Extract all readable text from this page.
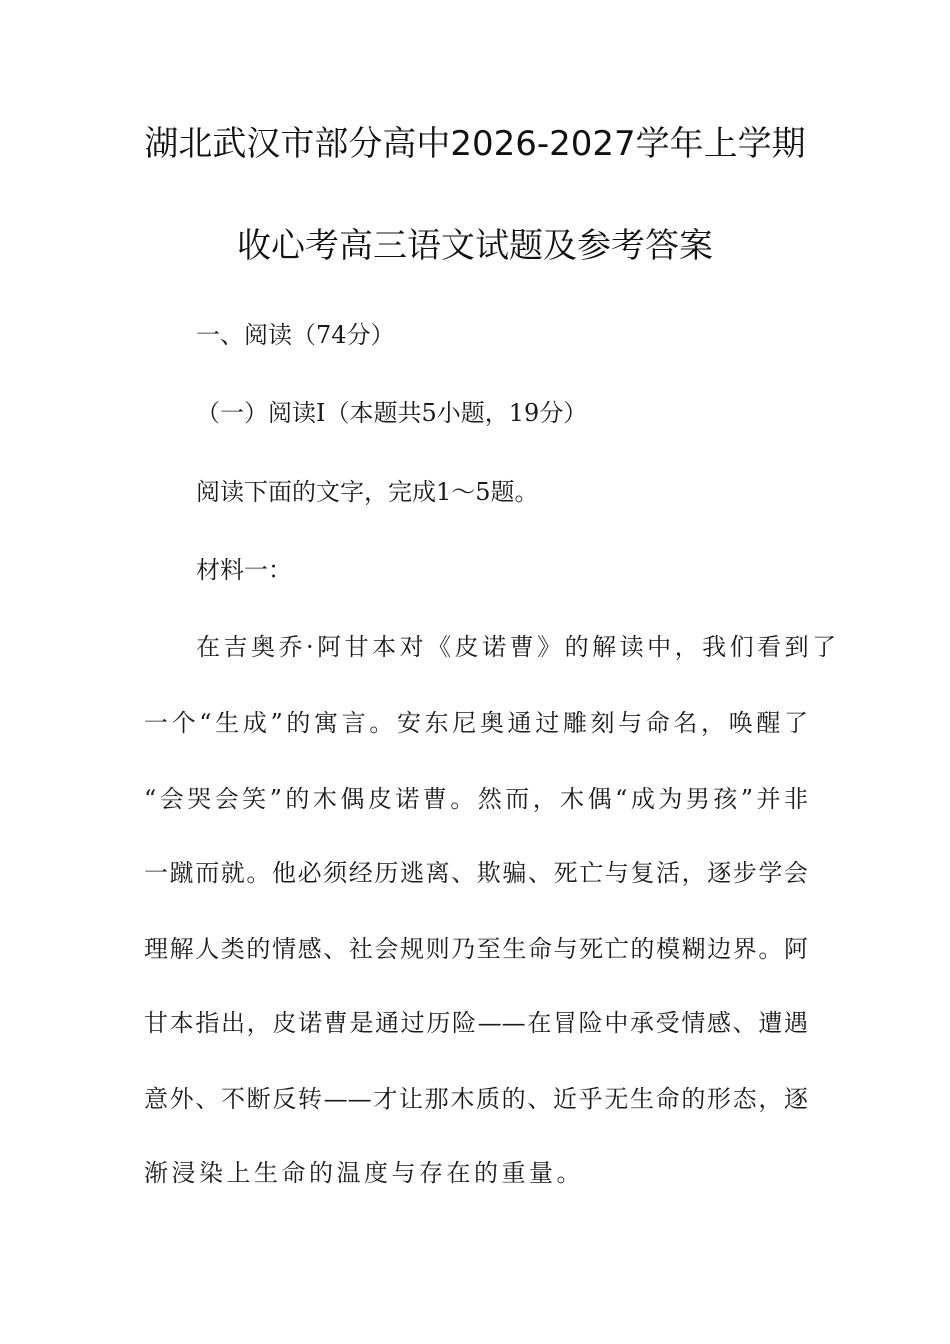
湖北武汉市部分高中2026-2027学年上学期
收心考高三语文试题及参考答案
一、阅读（74分）
（一）阅读Ⅰ（本题共5小题，19分）
阅读下面的文字，完成1～5题。
材料一：
在吉奥乔·阿甘本对《皮诺曹》的解读中，我们看到了
一个“生成”的寓言。安东尼奥通过雕刻与命名，唤醒了
“会哭会笑”的木偶皮诺曹。然而，木偶“成为男孩”并非
一蹴而就。他必须经历逃离、欺骗、死亡与复活，逐步学会
理解人类的情感、社会规则乃至生命与死亡的模糊边界。阿
甘本指出，皮诺曹是通过历险——在冒险中承受情感、遭遇
意外、不断反转——才让那木质的、近乎无生命的形态，逐
渐浸染上生命的温度与存在的重量。
